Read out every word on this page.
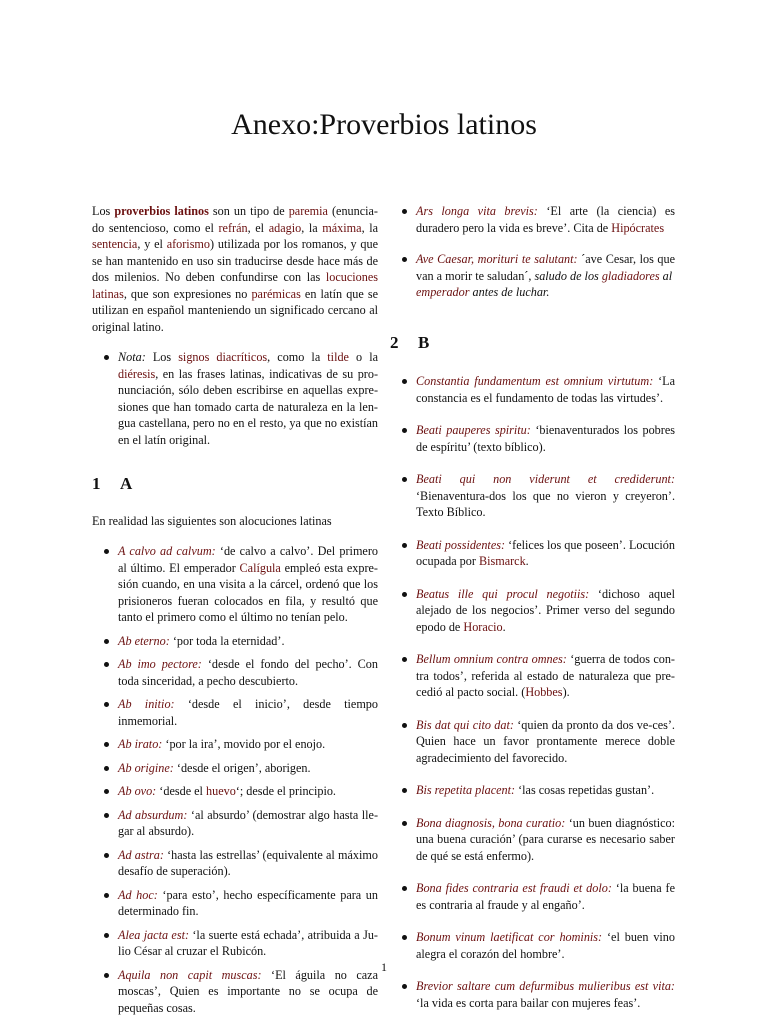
Anexo:Proverbios latinos

Los proverbios latinos son un tipo de paremia (enuncia-do sentencioso, como el refrán, el adagio, la máxima, la sentencia, y el aforismo) utilizada por los romanos, y que se han mantenido en uso sin traducirse desde hace más de dos milenios. No deben confundirse con las locuciones latinas, que son expresiones no parémicas en latín que se utilizan en español manteniendo un significado cercano al original latino.

Nota: Los signos diacríticos, como la tilde o la diéresis, en las frases latinas, indicativas de su pro-nunciación, sólo deben escribirse en aquellas expre-siones que han tomado carta de naturaleza en la len-gua castellana, pero no en el resto, ya que no existían en el latín original.
1 A

En realidad las siguientes son alocuciones latinas

A calvo ad calvum: ‘de calvo a calvo’. Del primero al último. El emperador Calígula empleó esta expre-sión cuando, en una visita a la cárcel, ordenó que los prisioneros fueran colocados en fila, y resultó que tanto el primero como el último no tenían pelo.
Ab eterno: ‘por toda la eternidad’.
Ab imo pectore: ‘desde el fondo del pecho’. Con toda sinceridad, a pecho descubierto.
Ab initio: ‘desde el inicio’, desde tiempo inmemorial.
Ab irato: ‘por la ira’, movido por el enojo.
Ab origine: ‘desde el origen’, aborigen.
Ab ovo: ‘desde el huevo‘; desde el principio.
Ad absurdum: ‘al absurdo’ (demostrar algo hasta lle-gar al absurdo).
Ad astra: ‘hasta las estrellas’ (equivalente al máximo desafío de superación).
Ad hoc: ‘para esto’, hecho específicamente para un determinado fin.
Alea jacta est: ‘la suerte está echada’, atribuida a Ju-lio César al cruzar el Rubicón.
Aquila non capit muscas: ‘El águila no caza moscas’, Quien es importante no se ocupa de pequeñas cosas.
Ars longa vita brevis: ‘El arte (la ciencia) es duradero pero la vida es breve’. Cita de Hipócrates
Ave Caesar, morituri te salutant: ´ave Cesar, los que van a morir te saludan´, saludo de los gladiadores al
emperador antes de luchar.
2 B
Constantia fundamentum est omnium virtutum: ‘La constancia es el fundamento de todas las virtudes’.
Beati pauperes spiritu: ‘bienaventurados los pobres de espíritu’ (texto bíblico).
Beati qui non viderunt et crediderunt: ‘Bienaventura-dos los que no vieron y creyeron’. Texto Bíblico.
Beati possidentes: ‘felices los que poseen’. Locución ocupada por Bismarck.
Beatus ille qui procul negotiis: ‘dichoso aquel alejado de los negocios’. Primer verso del segundo epodo de Horacio.
Bellum omnium contra omnes: ‘guerra de todos con-tra todos’, referida al estado de naturaleza que pre-cedió al pacto social. (Hobbes).
Bis dat qui cito dat: ‘quien da pronto da dos ve-ces’. Quien hace un favor prontamente merece doble agradecimiento del favorecido.
Bis repetita placent: ‘las cosas repetidas gustan’.
Bona diagnosis, bona curatio: ‘un buen diagnóstico: una buena curación’ (para curarse es necesario saber de qué se está enfermo).
Bona fides contraria est fraudi et dolo: ‘la buena fe es contraria al fraude y al engaño’.
Bonum vinum laetificat cor hominis: ‘el buen vino alegra el corazón del hombre’.
Brevior saltare cum defurmibus mulieribus est vita: ‘la vida es corta para bailar con mujeres feas’.
1
